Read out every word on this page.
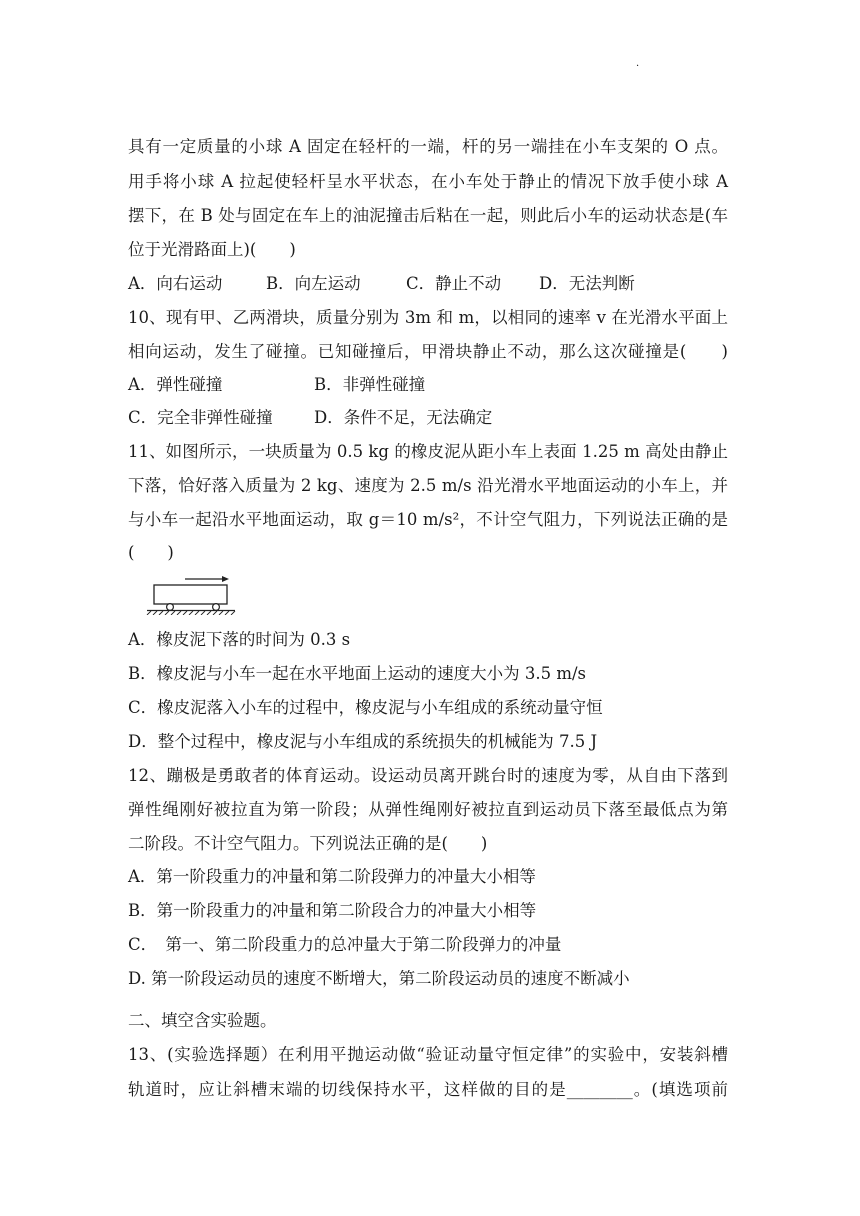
·
具有一定质量的小球 A 固定在轻杆的一端，杆的另一端挂在小车支架的 O 点。
用手将小球 A 拉起使轻杆呈水平状态，在小车处于静止的情况下放手使小球 A
摆下，在 B 处与固定在车上的油泥撞击后粘在一起，则此后小车的运动状态是(车
位于光滑路面上)(　　)
A．向右运动	B．向左运动	C．静止不动	D．无法判断
10、现有甲、乙两滑块，质量分别为 3m 和 m，以相同的速率 v 在光滑水平面上
相向运动，发生了碰撞。已知碰撞后，甲滑块静止不动，那么这次碰撞是(　　)
A．弹性碰撞	B．非弹性碰撞
C．完全非弹性碰撞	D．条件不足，无法确定
11、如图所示，一块质量为 0.5 kg 的橡皮泥从距小车上表面 1.25 m 高处由静止
下落，恰好落入质量为 2 kg、速度为 2.5 m/s 沿光滑水平地面运动的小车上，并
与小车一起沿水平地面运动，取 g＝10 m/s²，不计空气阻力，下列说法正确的是
(　　)
A．橡皮泥下落的时间为 0.3 s
B．橡皮泥与小车一起在水平地面上运动的速度大小为 3.5 m/s
C．橡皮泥落入小车的过程中，橡皮泥与小车组成的系统动量守恒
D．整个过程中，橡皮泥与小车组成的系统损失的机械能为 7.5 J
12、蹦极是勇敢者的体育运动。设运动员离开跳台时的速度为零，从自由下落到
弹性绳刚好被拉直为第一阶段；从弹性绳刚好被拉直到运动员下落至最低点为第
二阶段。不计空气阻力。下列说法正确的是(　　)
A．第一阶段重力的冲量和第二阶段弹力的冲量大小相等
B．第一阶段重力的冲量和第二阶段合力的冲量大小相等
C．　第一、第二阶段重力的总冲量大于第二阶段弹力的冲量
D. 第一阶段运动员的速度不断增大，第二阶段运动员的速度不断减小
二、填空含实验题。
13、(实验选择题）在利用平抛运动做“验证动量守恒定律”的实验中，安装斜槽
轨道时，应让斜槽末端的切线保持水平，这样做的目的是________。(填选项前
